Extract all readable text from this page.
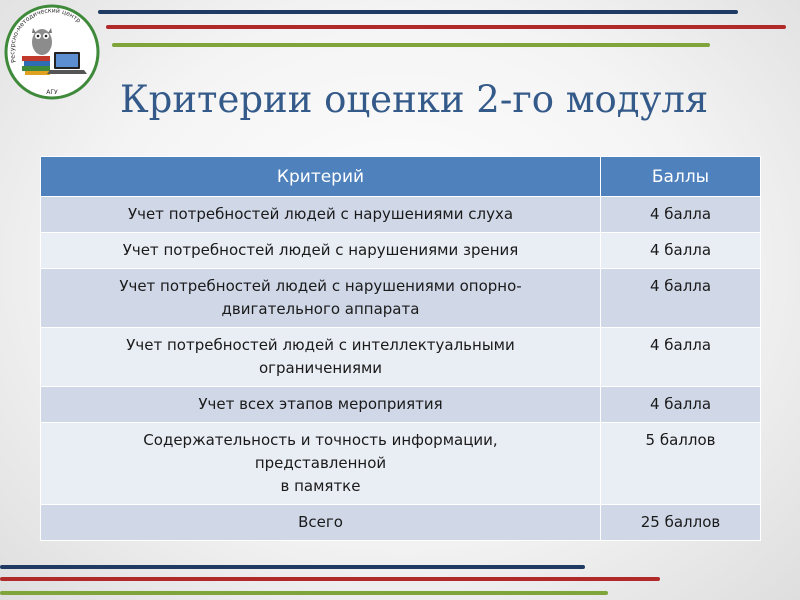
Ресурсно-методический центр
АГУ Критерии оценки 2-го модуля
Критерий	Баллы
Учет потребностей людей с нарушениями слуха	4 балла
Учет потребностей людей с нарушениями зрения	4 балла
Учет потребностей людей с нарушениями опорно-
двигательного аппарата	4 балла
Учет потребностей людей с интеллектуальными
ограничениями	4 балла
Учет всех этапов мероприятия	4 балла
Содержательность и точность информации,
представленной
в памятке	5 баллов
Всего	25 баллов
